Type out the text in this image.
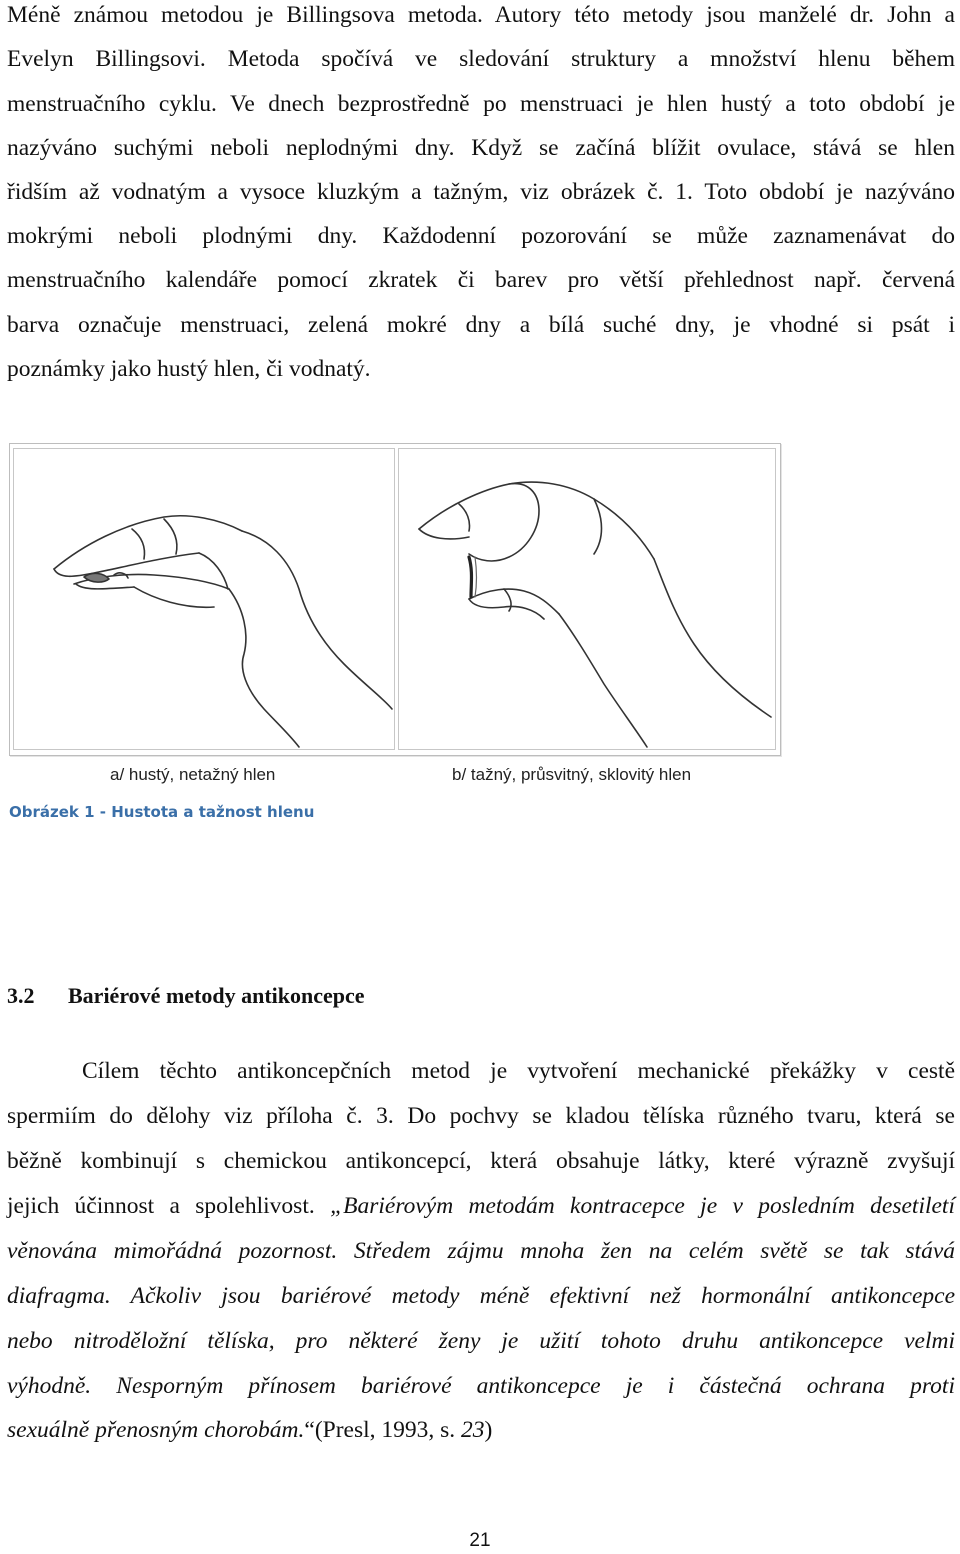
Méně známou metodou je Billingsova metoda. Autory této metody jsou manželé dr. John a
Evelyn Billingsovi. Metoda spočívá ve sledování struktury a množství hlenu během
menstruačního cyklu. Ve dnech bezprostředně po menstruaci je hlen hustý a toto období je
nazýváno suchými neboli neplodnými dny. Když se začíná blížit ovulace, stává se hlen
řidším až vodnatým a vysoce kluzkým a tažným, viz obrázek č. 1. Toto období je nazýváno
mokrými neboli plodnými dny. Každodenní pozorování se může zaznamenávat do
menstruačního kalendáře pomocí zkratek či barev pro větší přehlednost např. červená
barva označuje menstruaci, zelená mokré dny a bílá suché dny, je vhodné si psát i
poznámky jako hustý hlen, či vodnatý.
a/ hustý, netažný hlen	b/ tažný, průsvitný, sklovitý hlen
Obrázek 1 - Hustota a tažnost hlenu
3.2 Bariérové metody antikoncepce
Cílem těchto antikoncepčních metod je vytvoření mechanické překážky v cestě
spermiím do dělohy viz příloha č. 3. Do pochvy se kladou tělíska různého tvaru, která se
běžně kombinují s chemickou antikoncepcí, která obsahuje látky, které výrazně zvyšují
jejich účinnost a spolehlivost. „Bariérovým metodám kontracepce je v posledním desetiletí
věnována mimořádná pozornost. Středem zájmu mnoha žen na celém světě se tak stává
diafragma. Ačkoliv jsou bariérové metody méně efektivní než hormonální antikoncepce
nebo nitroděložní tělíska, pro některé ženy je užití tohoto druhu antikoncepce velmi
výhodně. Nesporným přínosem bariérové antikoncepce je i částečná ochrana proti
sexuálně přenosným chorobám.“(Presl, 1993, s. 23)
21
